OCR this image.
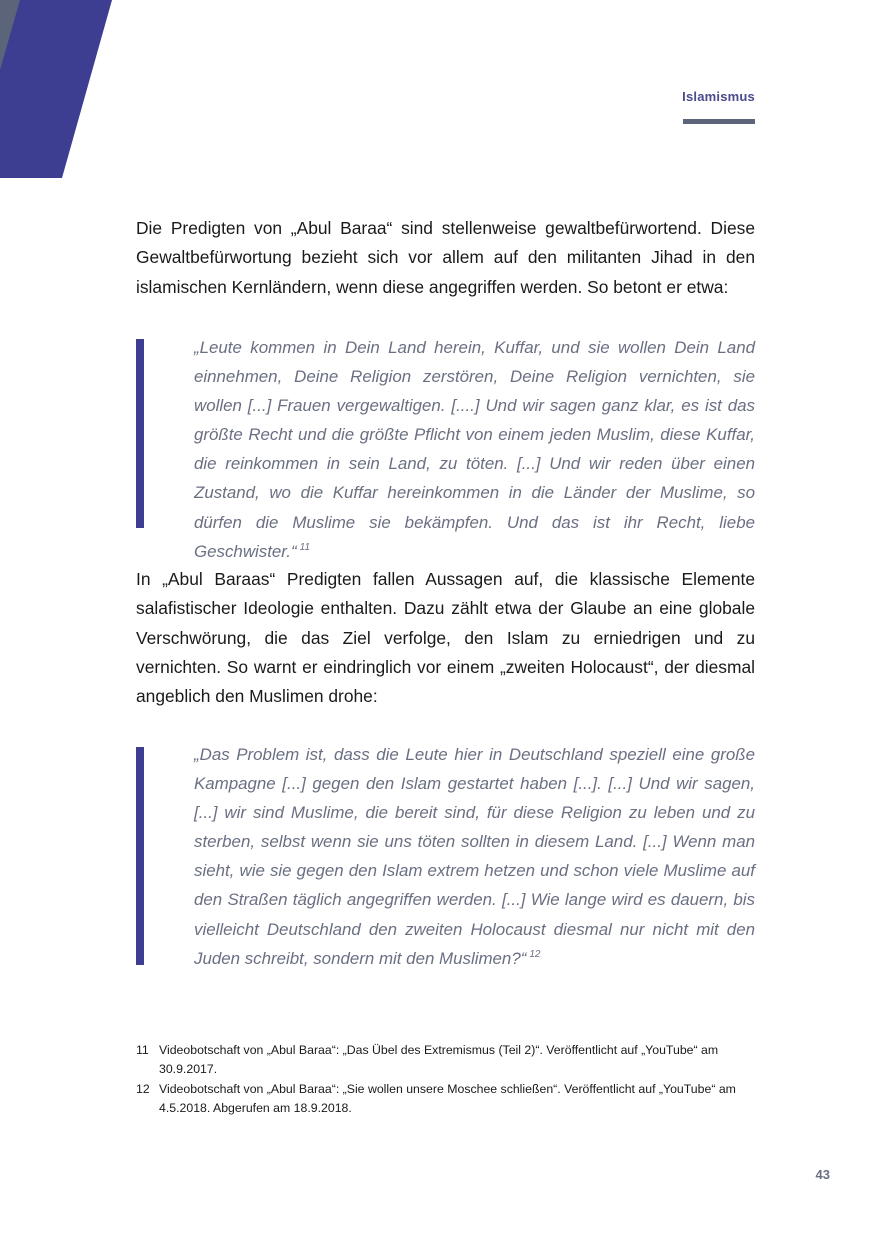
Islamismus

Die Predigten von „Abul Baraa“ sind stellenweise gewaltbefürwortend. Diese Gewaltbefürwortung bezieht sich vor allem auf den militanten Jihad in den islamischen Kernländern, wenn diese angegriffen werden. So betont er etwa:

„Leute kommen in Dein Land herein, Kuffar, und sie wollen Dein Land einnehmen, Deine Religion zerstören, Deine Religion vernichten, sie wollen [...] Frauen vergewaltigen. [....] Und wir sagen ganz klar, es ist das größte Recht und die größte Pflicht von einem jeden Muslim, diese Kuffar, die reinkommen in sein Land, zu töten. [...] Und wir reden über einen Zustand, wo die Kuffar hereinkommen in die Länder der Muslime, so dürfen die Muslime sie bekämpfen. Und das ist ihr Recht, liebe Geschwister.“ $^{11}$

In „Abul Baraas“ Predigten fallen Aussagen auf, die klassische Elemente salafistischer Ideologie enthalten. Dazu zählt etwa der Glaube an eine globale Verschwörung, die das Ziel verfolge, den Islam zu erniedrigen und zu vernichten. So warnt er eindringlich vor einem „zweiten Holocaust“, der diesmal angeblich den Muslimen drohe:

„Das Problem ist, dass die Leute hier in Deutschland speziell eine große Kampagne [...] gegen den Islam gestartet haben [...]. [...] Und wir sagen, [...] wir sind Muslime, die bereit sind, für diese Religion zu leben und zu sterben, selbst wenn sie uns töten sollten in diesem Land. [...] Wenn man sieht, wie sie gegen den Islam extrem hetzen und schon viele Muslime auf den Straßen täglich angegriffen werden. [...] Wie lange wird es dauern, bis vielleicht Deutschland den zweiten Holocaust diesmal nur nicht mit den Juden schreibt, sondern mit den Muslimen?“ $^{12}$

11 Videobotschaft von „Abul Baraa“: „Das Übel des Extremismus (Teil 2)“. Veröffentlicht auf „YouTube“ am 30.9.2017.
12 Videobotschaft von „Abul Baraa“: „Sie wollen unsere Moschee schließen“. Veröffentlicht auf „YouTube“ am 4.5.2018. Abgerufen am 18.9.2018.
43
